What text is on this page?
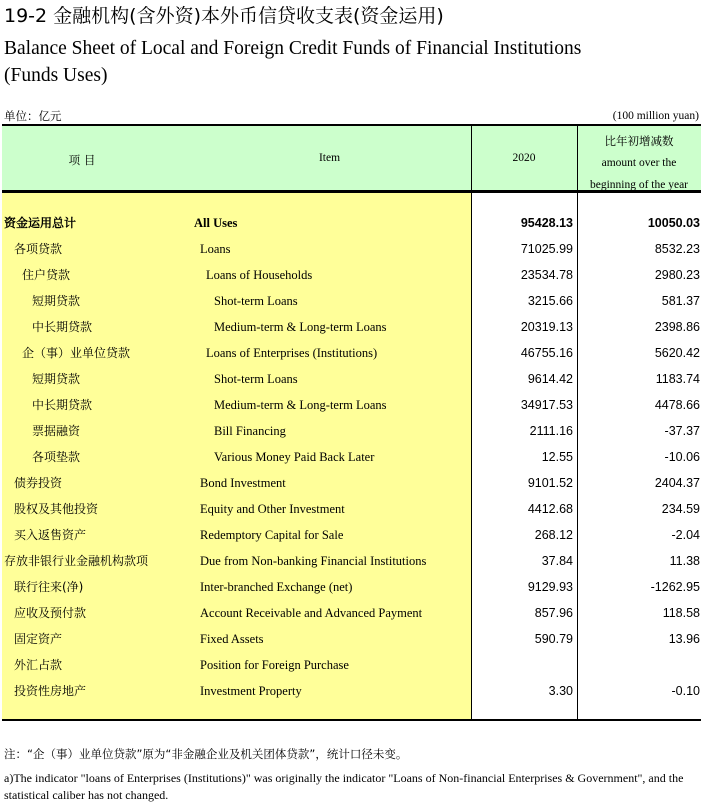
19-2 金融机构(含外资)本外币信贷收支表(资金运用)
Balance Sheet of Local and Foreign Credit Funds of Financial Institutions
(Funds Uses)
单位：亿元	(100 million yuan)
项 目	Item	2020
比年初增减数
amount over the
beginning of the year
资金运用总计	All Uses	95428.13	10050.03
各项贷款	Loans	71025.99	8532.23
住户贷款	Loans of Households	23534.78	2980.23
短期贷款	Shot-term Loans	3215.66	581.37
中长期贷款	Medium-term & Long-term Loans	20319.13	2398.86
企（事）业单位贷款	Loans of Enterprises (Institutions)	46755.16	5620.42
短期贷款	Shot-term Loans	9614.42	1183.74
中长期贷款	Medium-term & Long-term Loans	34917.53	4478.66
票据融资	Bill Financing	2111.16	-37.37
各项垫款	Various Money Paid Back Later	12.55	-10.06
债券投资	Bond Investment	9101.52	2404.37
股权及其他投资	Equity and Other Investment	4412.68	234.59
买入返售资产	Redemptory Capital for Sale	268.12	-2.04
存放非银行业金融机构款项	Due from Non-banking Financial Institutions	37.84	11.38
联行往来(净)	Inter-branched Exchange (net)	9129.93	-1262.95
应收及预付款	Account Receivable and Advanced Payment	857.96	118.58
固定资产	Fixed Assets	590.79	13.96
外汇占款	Position for Foreign Purchase
投资性房地产	Investment Property	3.30	-0.10
注：“企（事）业单位贷款”原为“非金融企业及机关团体贷款”，统计口径未变。
a)The indicator "loans of Enterprises (Institutions)" was originally the indicator "Loans of Non-financial Enterprises & Government", and the statistical caliber has not changed.
